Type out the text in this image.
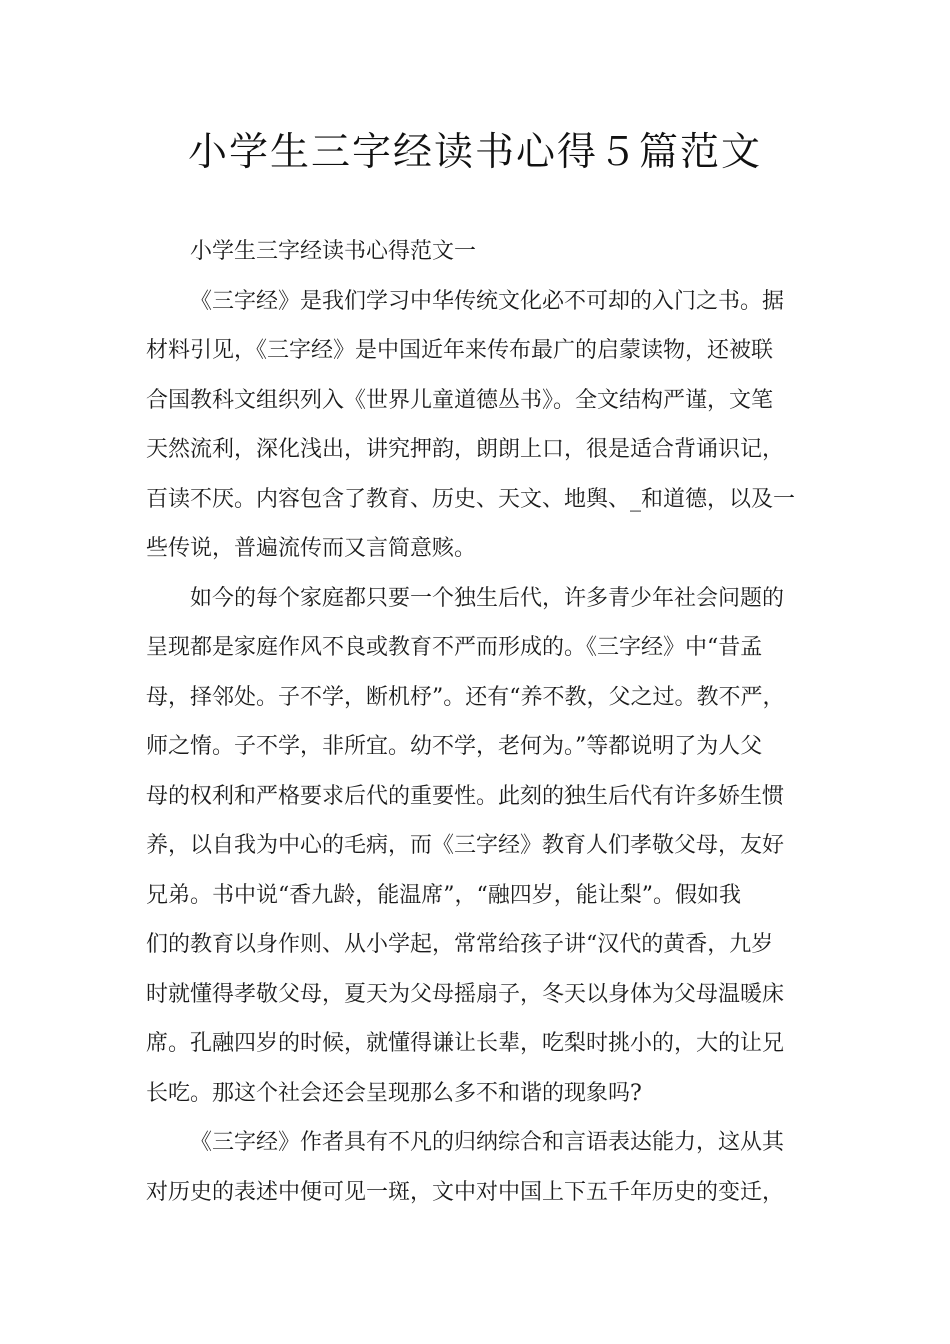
小学生三字经读书心得５篇范文
小学生三字经读书心得范文一
《三字经》是我们学习中华传统文化必不可却的入门之书。据
材料引见，《三字经》是中国近年来传布最广的启蒙读物，还被联
合国教科文组织列入《世界儿童道德丛书》。全文结构严谨，文笔
天然流利，深化浅出，讲究押韵，朗朗上口，很是适合背诵识记，
百读不厌。内容包含了教育、历史、天文、地舆、_和道德，以及一
些传说，普遍流传而又言简意赅。
如今的每个家庭都只要一个独生后代，许多青少年社会问题的
呈现都是家庭作风不良或教育不严而形成的。《三字经》中“昔孟
母，择邻处。子不学，断机杼”。还有“养不教，父之过。教不严，
师之惰。子不学，非所宜。幼不学，老何为。”等都说明了为人父
母的权利和严格要求后代的重要性。此刻的独生后代有许多娇生惯
养，以自我为中心的毛病，而《三字经》教育人们孝敬父母，友好
兄弟。书中说“香九龄，能温席”，“融四岁，能让梨”。假如我
们的教育以身作则、从小学起，常常给孩子讲“汉代的黄香，九岁
时就懂得孝敬父母，夏天为父母摇扇子，冬天以身体为父母温暖床
席。孔融四岁的时候，就懂得谦让长辈，吃梨时挑小的，大的让兄
长吃。那这个社会还会呈现那么多不和谐的现象吗?
《三字经》作者具有不凡的归纳综合和言语表达能力，这从其
对历史的表述中便可见一斑，文中对中国上下五千年历史的变迁，
